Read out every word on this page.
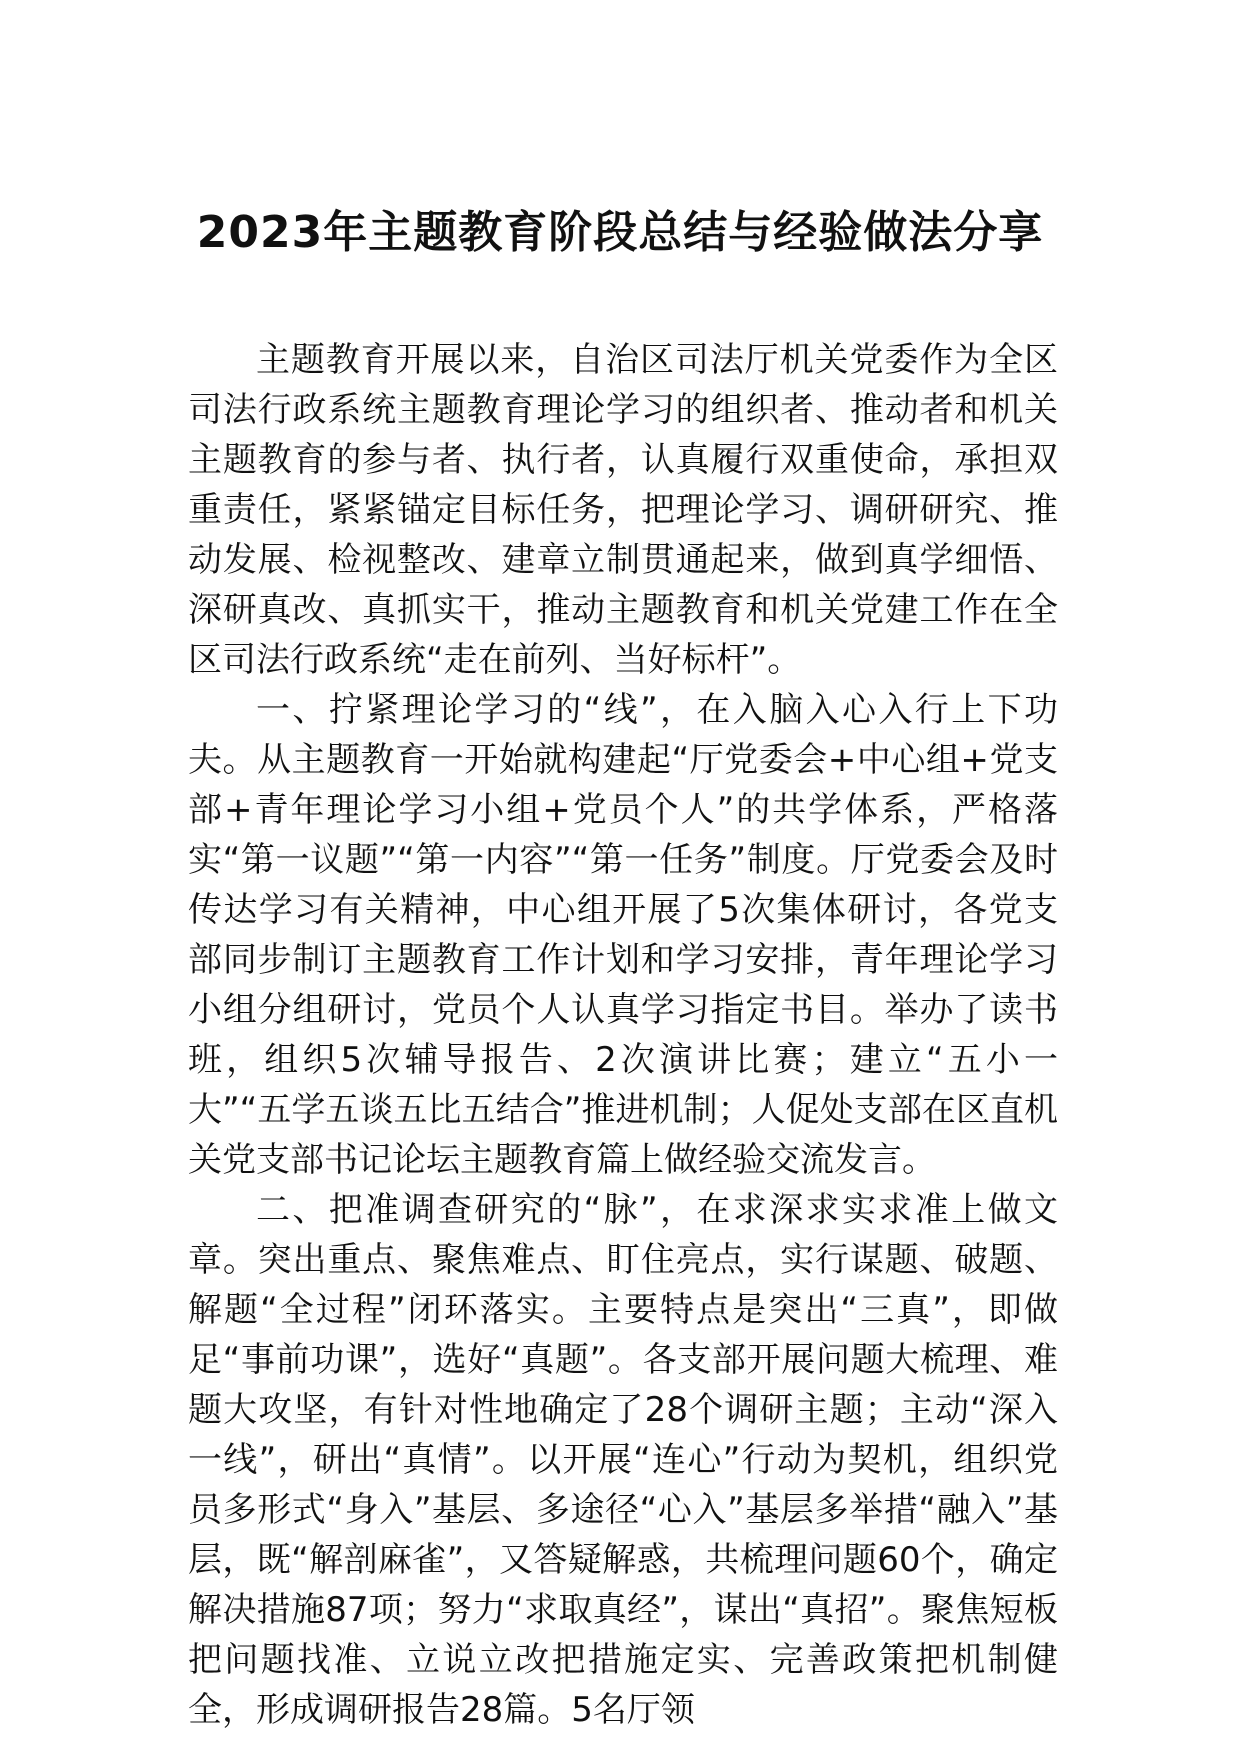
2023年主题教育阶段总结与经验做法分享

主题教育开展以来，自治区司法厅机关党委作为全区司法行政系统主题教育理论学习的组织者、推动者和机关主题教育的参与者、执行者，认真履行双重使命，承担双重责任，紧紧锚定目标任务，把理论学习、调研研究、推动发展、检视整改、建章立制贯通起来，做到真学细悟、深研真改、真抓实干，推动主题教育和机关党建工作在全区司法行政系统“走在前列、当好标杆”。

一、拧紧理论学习的“线”，在入脑入心入行上下功夫。从主题教育一开始就构建起“厅党委会+中心组+党支部+青年理论学习小组+党员个人”的共学体系，严格落实“第一议题”“第一内容”“第一任务”制度。厅党委会及时传达学习有关精神，中心组开展了5次集体研讨，各党支部同步制订主题教育工作计划和学习安排，青年理论学习小组分组研讨，党员个人认真学习指定书目。举办了读书班，组织5次辅导报告、2次演讲比赛；建立“五小一大”“五学五谈五比五结合”推进机制；人促处支部在区直机关党支部书记论坛主题教育篇上做经验交流发言。

二、把准调查研究的“脉”，在求深求实求准上做文章。突出重点、聚焦难点、盯住亮点，实行谋题、破题、解题“全过程”闭环落实。主要特点是突出“三真”，即做足“事前功课”，选好“真题”。各支部开展问题大梳理、难题大攻坚，有针对性地确定了28个调研主题；主动“深入一线”，研出“真情”。以开展“连心”行动为契机，组织党员多形式“身入”基层、多途径“心入”基层多举措“融入”基层，既“解剖麻雀”，又答疑解惑，共梳理问题60个，确定解决措施87项；努力“求取真经”，谋出“真招”。聚焦短板把问题找准、立说立改把措施定实、完善政策把机制健全，形成调研报告28篇。5名厅领
